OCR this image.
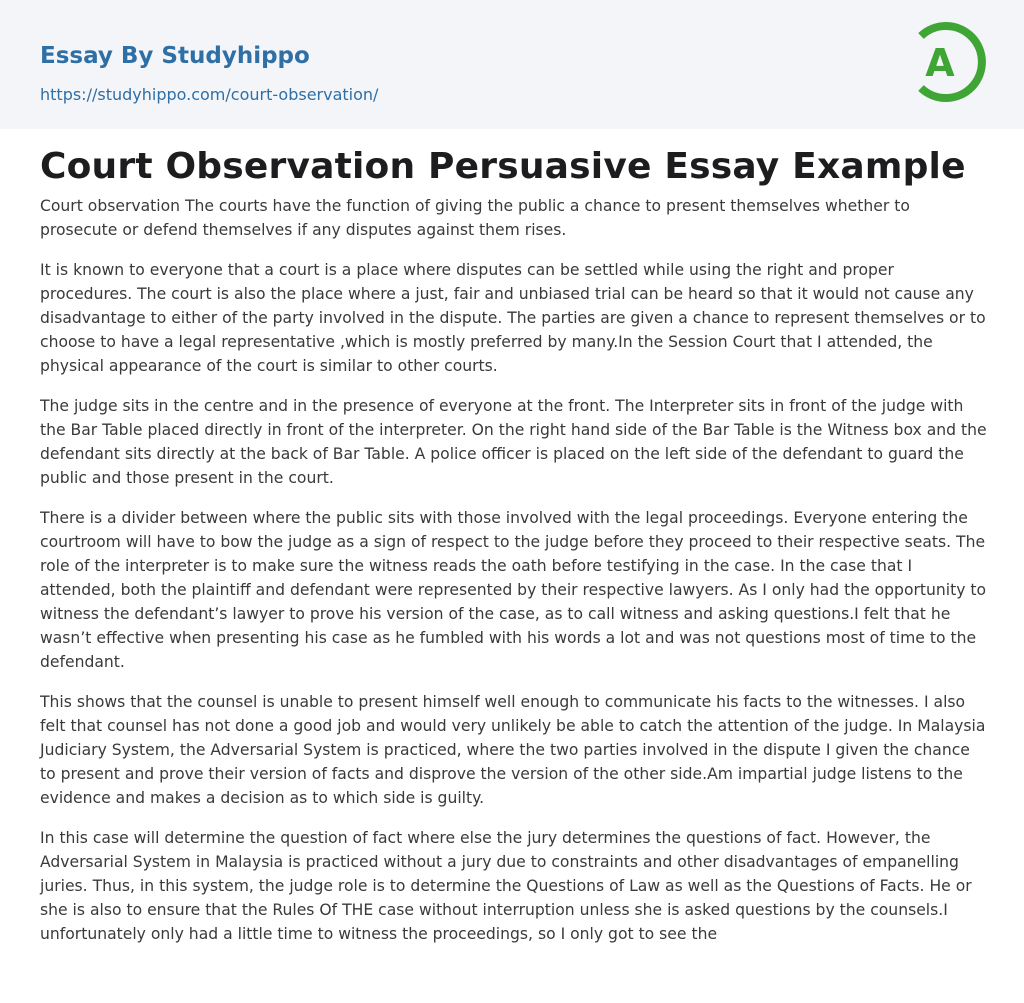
Essay By Studyhippo
https://studyhippo.com/court-observation/
A
Court Observation Persuasive Essay Example

Court observation The courts have the function of giving the public a chance to present themselves whether to prosecute or defend themselves if any disputes against them rises.

It is known to everyone that a court is a place where disputes can be settled while using the right and proper procedures. The court is also the place where a just, fair and unbiased trial can be heard so that it would not cause any disadvantage to either of the party involved in the dispute. The parties are given a chance to represent themselves or to choose to have a legal representative ,which is mostly preferred by many.In the Session Court that I attended, the physical appearance of the court is similar to other courts.

The judge sits in the centre and in the presence of everyone at the front. The Interpreter sits in front of the judge with the Bar Table placed directly in front of the interpreter. On the right hand side of the Bar Table is the Witness box and the defendant sits directly at the back of Bar Table. A police officer is placed on the left side of the defendant to guard the public and those present in the court.

There is a divider between where the public sits with those involved with the legal proceedings. Everyone entering the courtroom will have to bow the judge as a sign of respect to the judge before they proceed to their respective seats. The role of the interpreter is to make sure the witness reads the oath before testifying in the case. In the case that I attended, both the plaintiff and defendant were represented by their respective lawyers. As I only had the opportunity to witness the defendant’s lawyer to prove his version of the case, as to call witness and asking questions.I felt that he wasn’t effective when presenting his case as he fumbled with his words a lot and was not questions most of time to the defendant.

This shows that the counsel is unable to present himself well enough to communicate his facts to the witnesses. I also felt that counsel has not done a good job and would very unlikely be able to catch the attention of the judge. In Malaysia Judiciary System, the Adversarial System is practiced, where the two parties involved in the dispute I given the chance to present and prove their version of facts and disprove the version of the other side.Am impartial judge listens to the evidence and makes a decision as to which side is guilty.

In this case will determine the question of fact where else the jury determines the questions of fact. However, the Adversarial System in Malaysia is practiced without a jury due to constraints and other disadvantages of empanelling juries. Thus, in this system, the judge role is to determine the Questions of Law as well as the Questions of Facts. He or she is also to ensure that the Rules Of THE case without interruption unless she is asked questions by the counsels.I unfortunately only had a little time to witness the proceedings, so I only got to see the
